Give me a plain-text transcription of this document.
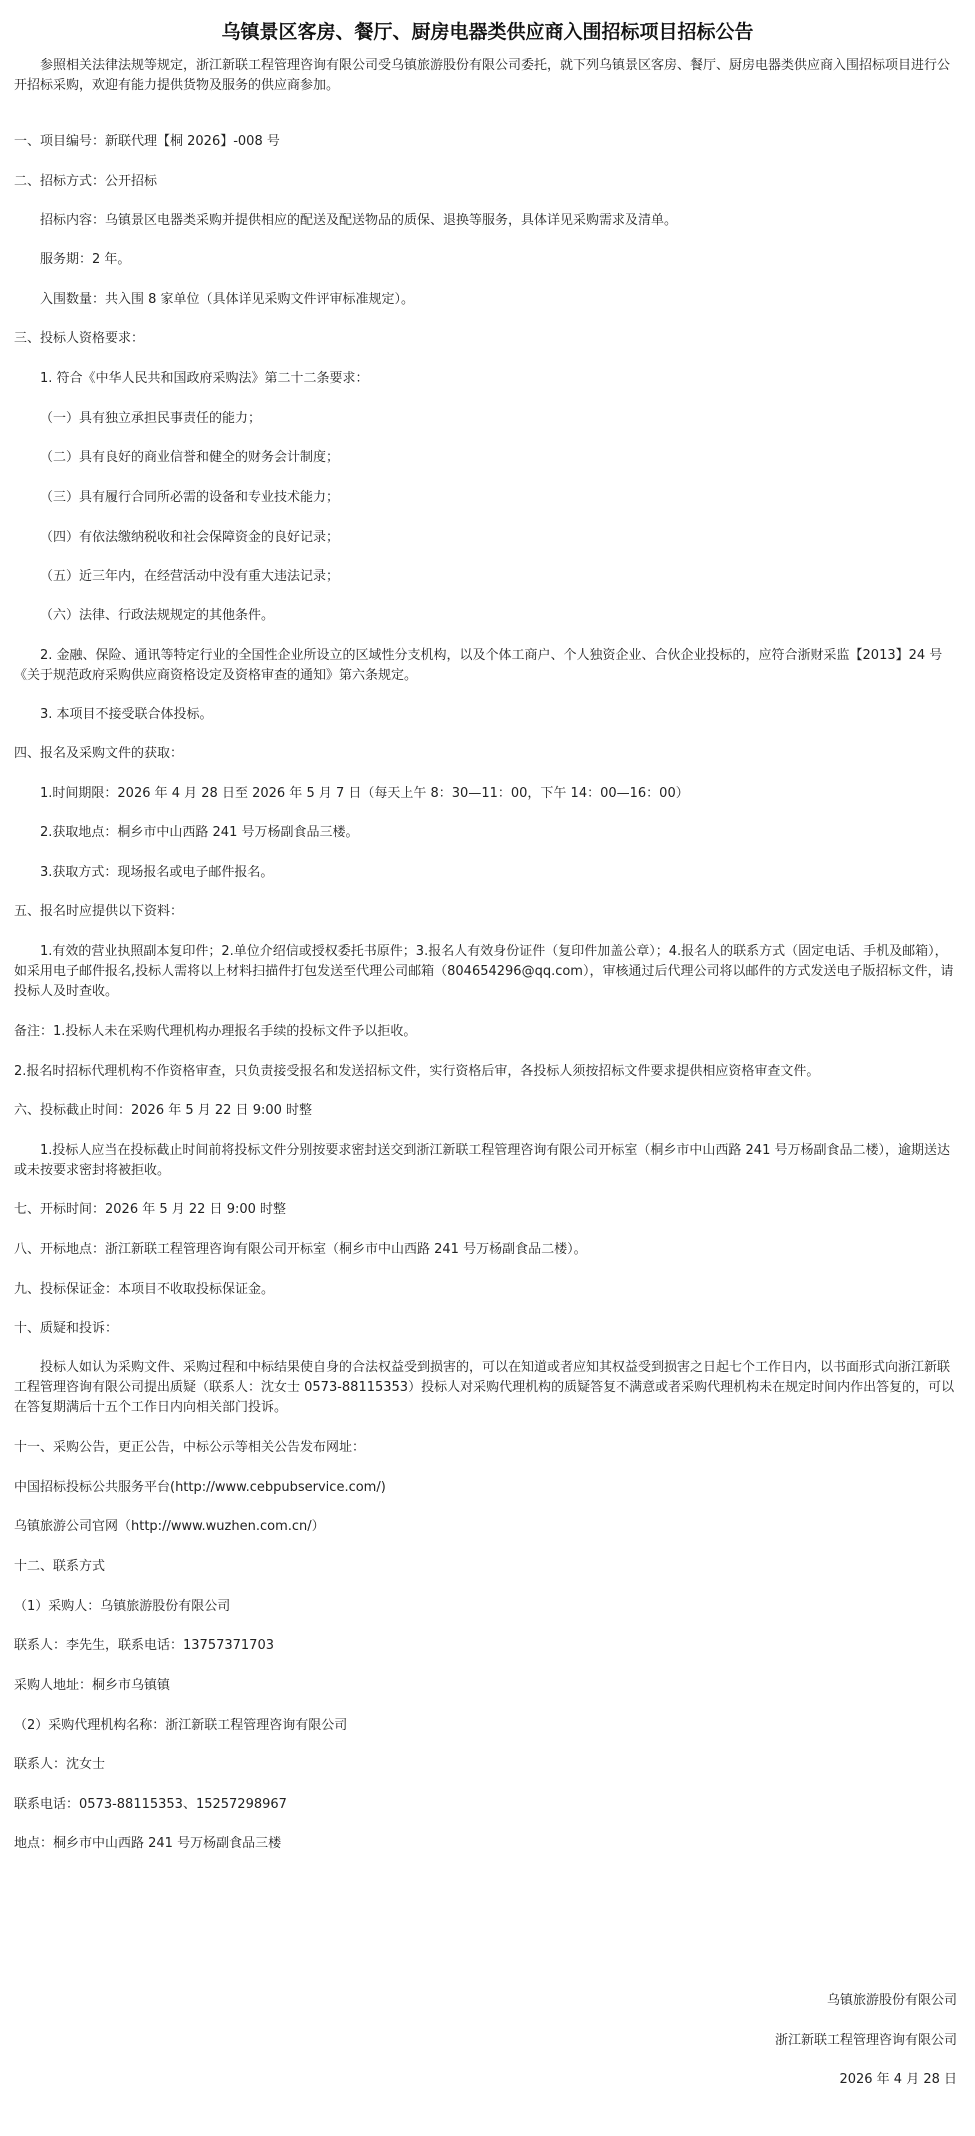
乌镇景区客房、餐厅、厨房电器类供应商入围招标项目招标公告

参照相关法律法规等规定，浙江新联工程管理咨询有限公司受乌镇旅游股份有限公司委托，就下列乌镇景区客房、餐厅、厨房电器类供应商入围招标项目进行公开招标采购，欢迎有能力提供货物及服务的供应商参加。

一、项目编号：新联代理【桐 2026】-008 号

二、招标方式：公开招标

招标内容：乌镇景区电器类采购并提供相应的配送及配送物品的质保、退换等服务，具体详见采购需求及清单。

服务期：2 年。

入围数量：共入围 8 家单位（具体详见采购文件评审标准规定）。

三、投标人资格要求：

1. 符合《中华人民共和国政府采购法》第二十二条要求：

（一）具有独立承担民事责任的能力；

（二）具有良好的商业信誉和健全的财务会计制度；

（三）具有履行合同所必需的设备和专业技术能力；

（四）有依法缴纳税收和社会保障资金的良好记录；

（五）近三年内，在经营活动中没有重大违法记录；

（六）法律、行政法规规定的其他条件。

2. 金融、保险、通讯等特定行业的全国性企业所设立的区域性分支机构，以及个体工商户、个人独资企业、合伙企业投标的，应符合浙财采监【2013】24 号《关于规范政府采购供应商资格设定及资格审查的通知》第六条规定。

3. 本项目不接受联合体投标。

四、报名及采购文件的获取：

1.时间期限：2026 年 4 月 28 日至 2026 年 5 月 7 日（每天上午 8：30—11：00，下午 14：00—16：00）

2.获取地点：桐乡市中山西路 241 号万杨副食品三楼。

3.获取方式：现场报名或电子邮件报名。

五、报名时应提供以下资料：

1.有效的营业执照副本复印件；2.单位介绍信或授权委托书原件；3.报名人有效身份证件（复印件加盖公章）；4.报名人的联系方式（固定电话、手机及邮箱），如采用电子邮件报名,投标人需将以上材料扫描件打包发送至代理公司邮箱（804654296@qq.com），审核通过后代理公司将以邮件的方式发送电子版招标文件，请投标人及时查收。

备注：1.投标人未在采购代理机构办理报名手续的投标文件予以拒收。

2.报名时招标代理机构不作资格审查，只负责接受报名和发送招标文件，实行资格后审，各投标人须按招标文件要求提供相应资格审查文件。

六、投标截止时间：2026 年 5 月 22 日 9:00 时整

1.投标人应当在投标截止时间前将投标文件分别按要求密封送交到浙江新联工程管理咨询有限公司开标室（桐乡市中山西路 241 号万杨副食品二楼），逾期送达或未按要求密封将被拒收。

七、开标时间：2026 年 5 月 22 日 9:00 时整

八、开标地点：浙江新联工程管理咨询有限公司开标室（桐乡市中山西路 241 号万杨副食品二楼）。

九、投标保证金：本项目不收取投标保证金。

十、质疑和投诉：

投标人如认为采购文件、采购过程和中标结果使自身的合法权益受到损害的，可以在知道或者应知其权益受到损害之日起七个工作日内，以书面形式向浙江新联工程管理咨询有限公司提出质疑（联系人：沈女士 0573-88115353）投标人对采购代理机构的质疑答复不满意或者采购代理机构未在规定时间内作出答复的，可以在答复期满后十五个工作日内向相关部门投诉。

十一、采购公告，更正公告，中标公示等相关公告发布网址：

中国招标投标公共服务平台(http://www.cebpubservice.com/)

乌镇旅游公司官网（http://www.wuzhen.com.cn/）

十二、联系方式

（1）采购人：乌镇旅游股份有限公司

联系人：李先生，联系电话：13757371703

采购人地址：桐乡市乌镇镇

（2）采购代理机构名称：浙江新联工程管理咨询有限公司

联系人：沈女士

联系电话：0573-88115353、15257298967

地点：桐乡市中山西路 241 号万杨副食品三楼

乌镇旅游股份有限公司

浙江新联工程管理咨询有限公司

2026 年 4 月 28 日
